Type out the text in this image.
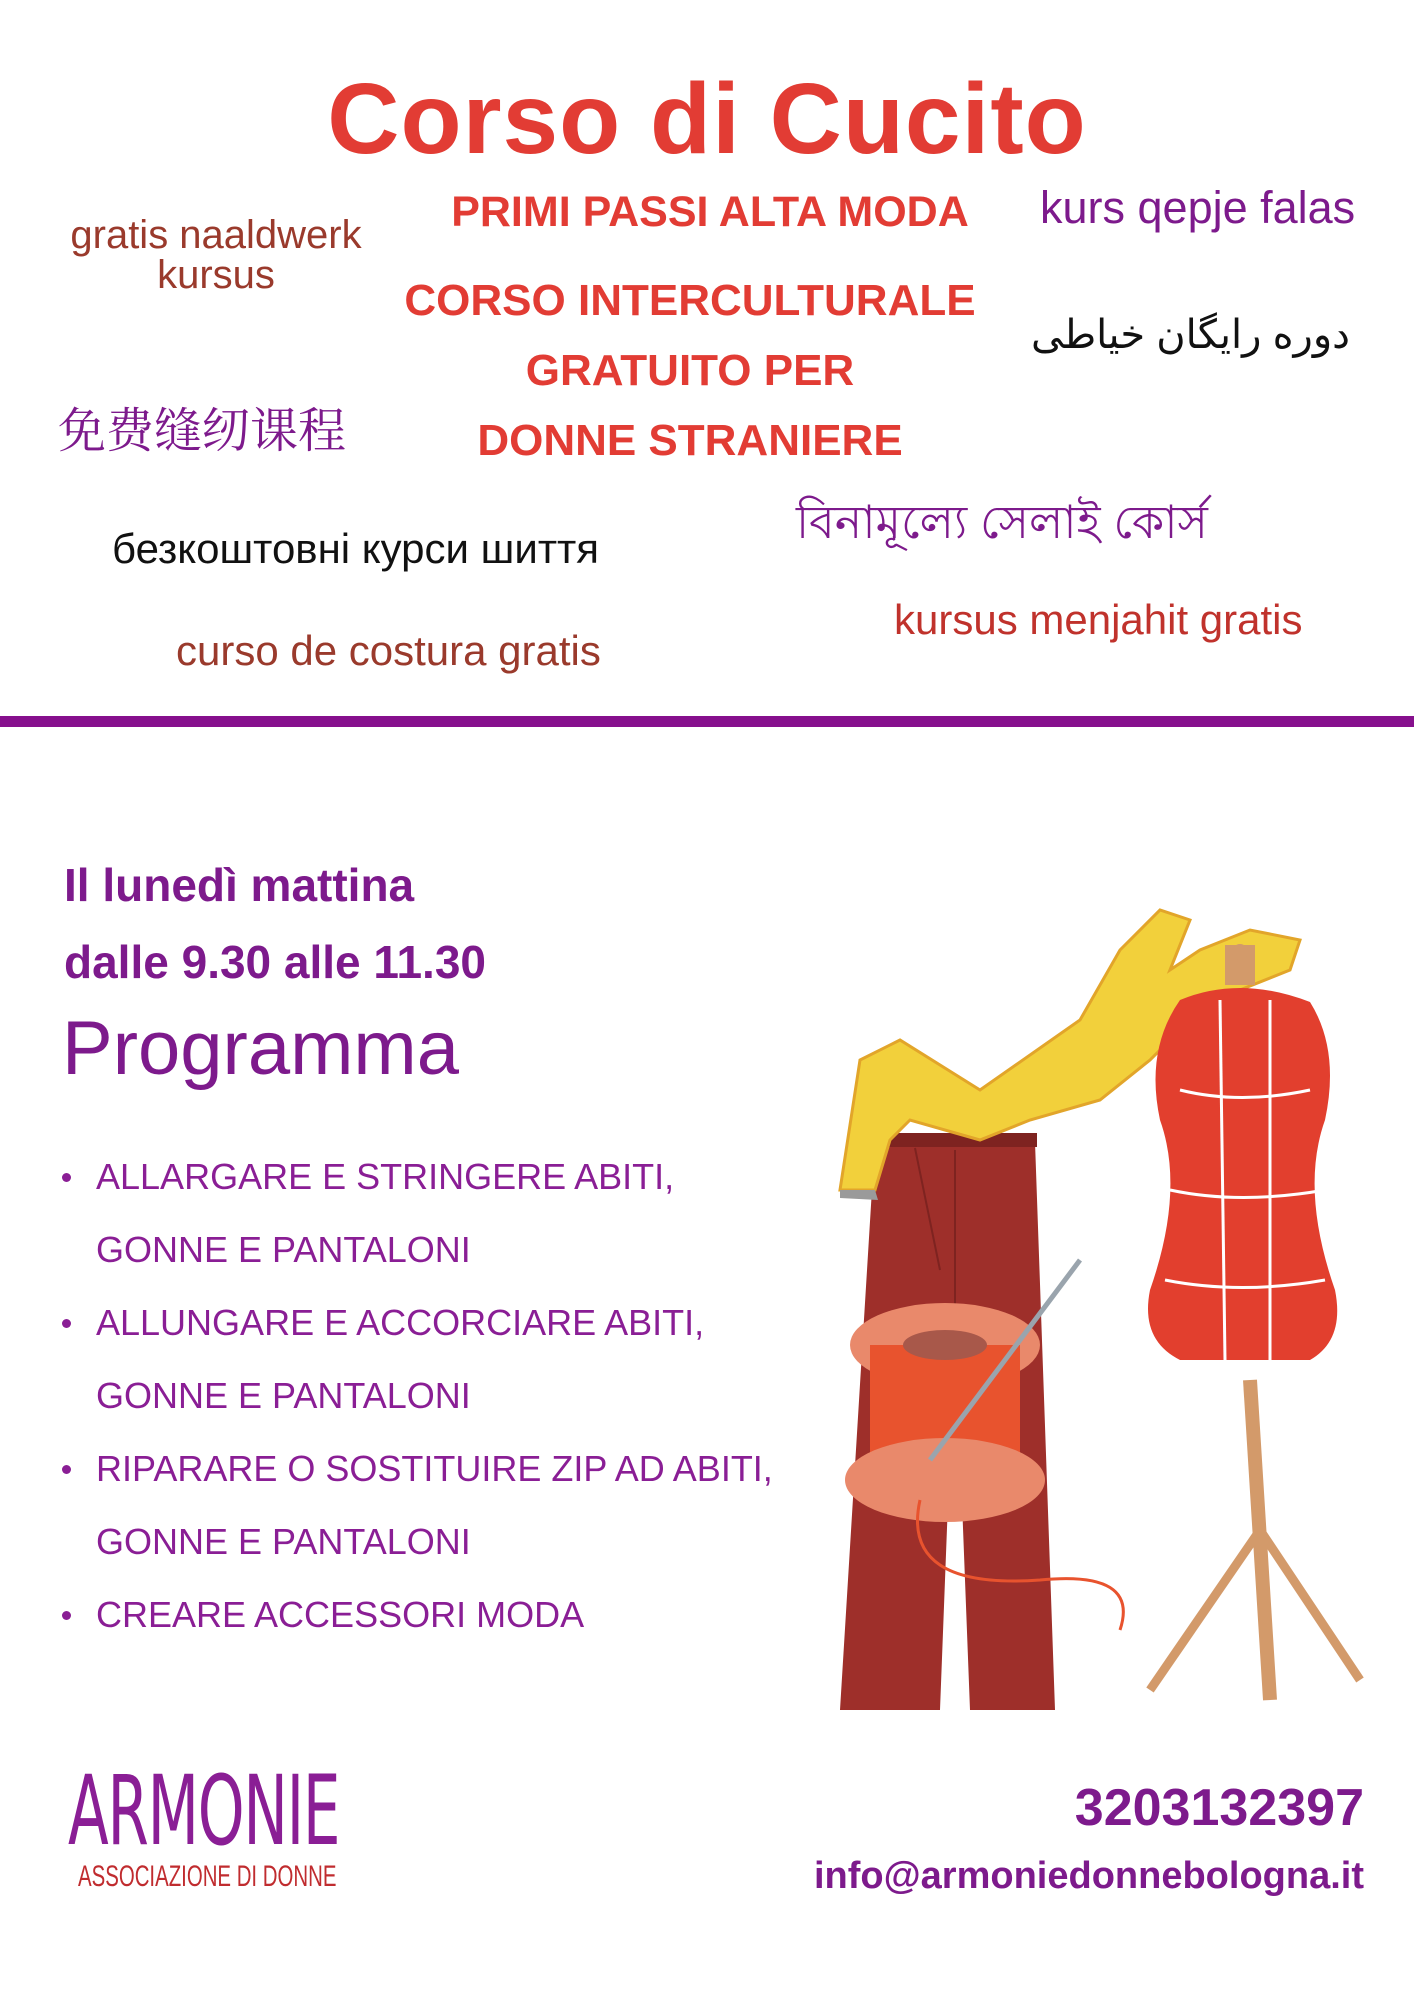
Corso di Cucito
PRIMI PASSI ALTA MODA
CORSO INTERCULTURALE
GRATUITO PER
DONNE STRANIERE
gratis naaldwerk
kursus
kurs qepje falas
دوره رایگان خیاطی
免费缝纫课程
বিনামূল্যে সেলাই কোর্স
безкоштовні курси шиття
kursus menjahit gratis
curso de costura gratis
Il lunedì mattina
dalle 9.30 alle 11.30
Programma
ALLARGARE E STRINGERE ABITI, GONNE E PANTALONI
ALLUNGARE E ACCORCIARE ABITI, GONNE E PANTALONI
RIPARARE O SOSTITUIRE ZIP AD ABITI, GONNE E PANTALONI
CREARE ACCESSORI MODA
ARMONIE
ASSOCIAZIONE DI DONNE
3203132397
info@armoniedonnebologna.it
